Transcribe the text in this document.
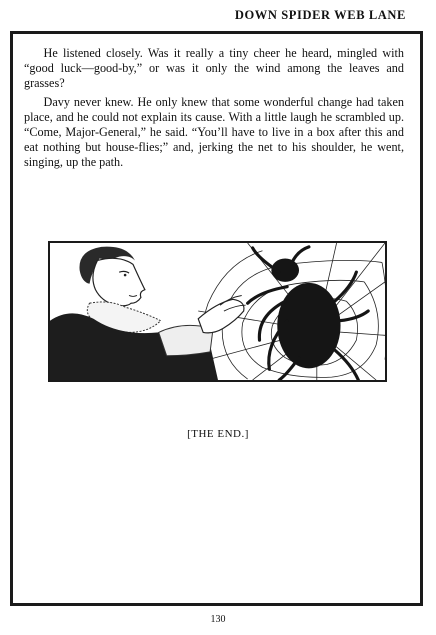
DOWN SPIDER WEB LANE

He listened closely. Was it really a tiny cheer he heard, mingled with “good luck—good-by,” or was it only the wind among the leaves and grasses?

Davy never knew. He only knew that some wonderful change had taken place, and he could not explain its cause. With a little laugh he scrambled up. “Come, Major-General,” he said. “You’ll have to live in a box after this and eat nothing but house-flies;” and, jerking the net to his shoulder, he went, singing, up the path.

[THE END.]
130
